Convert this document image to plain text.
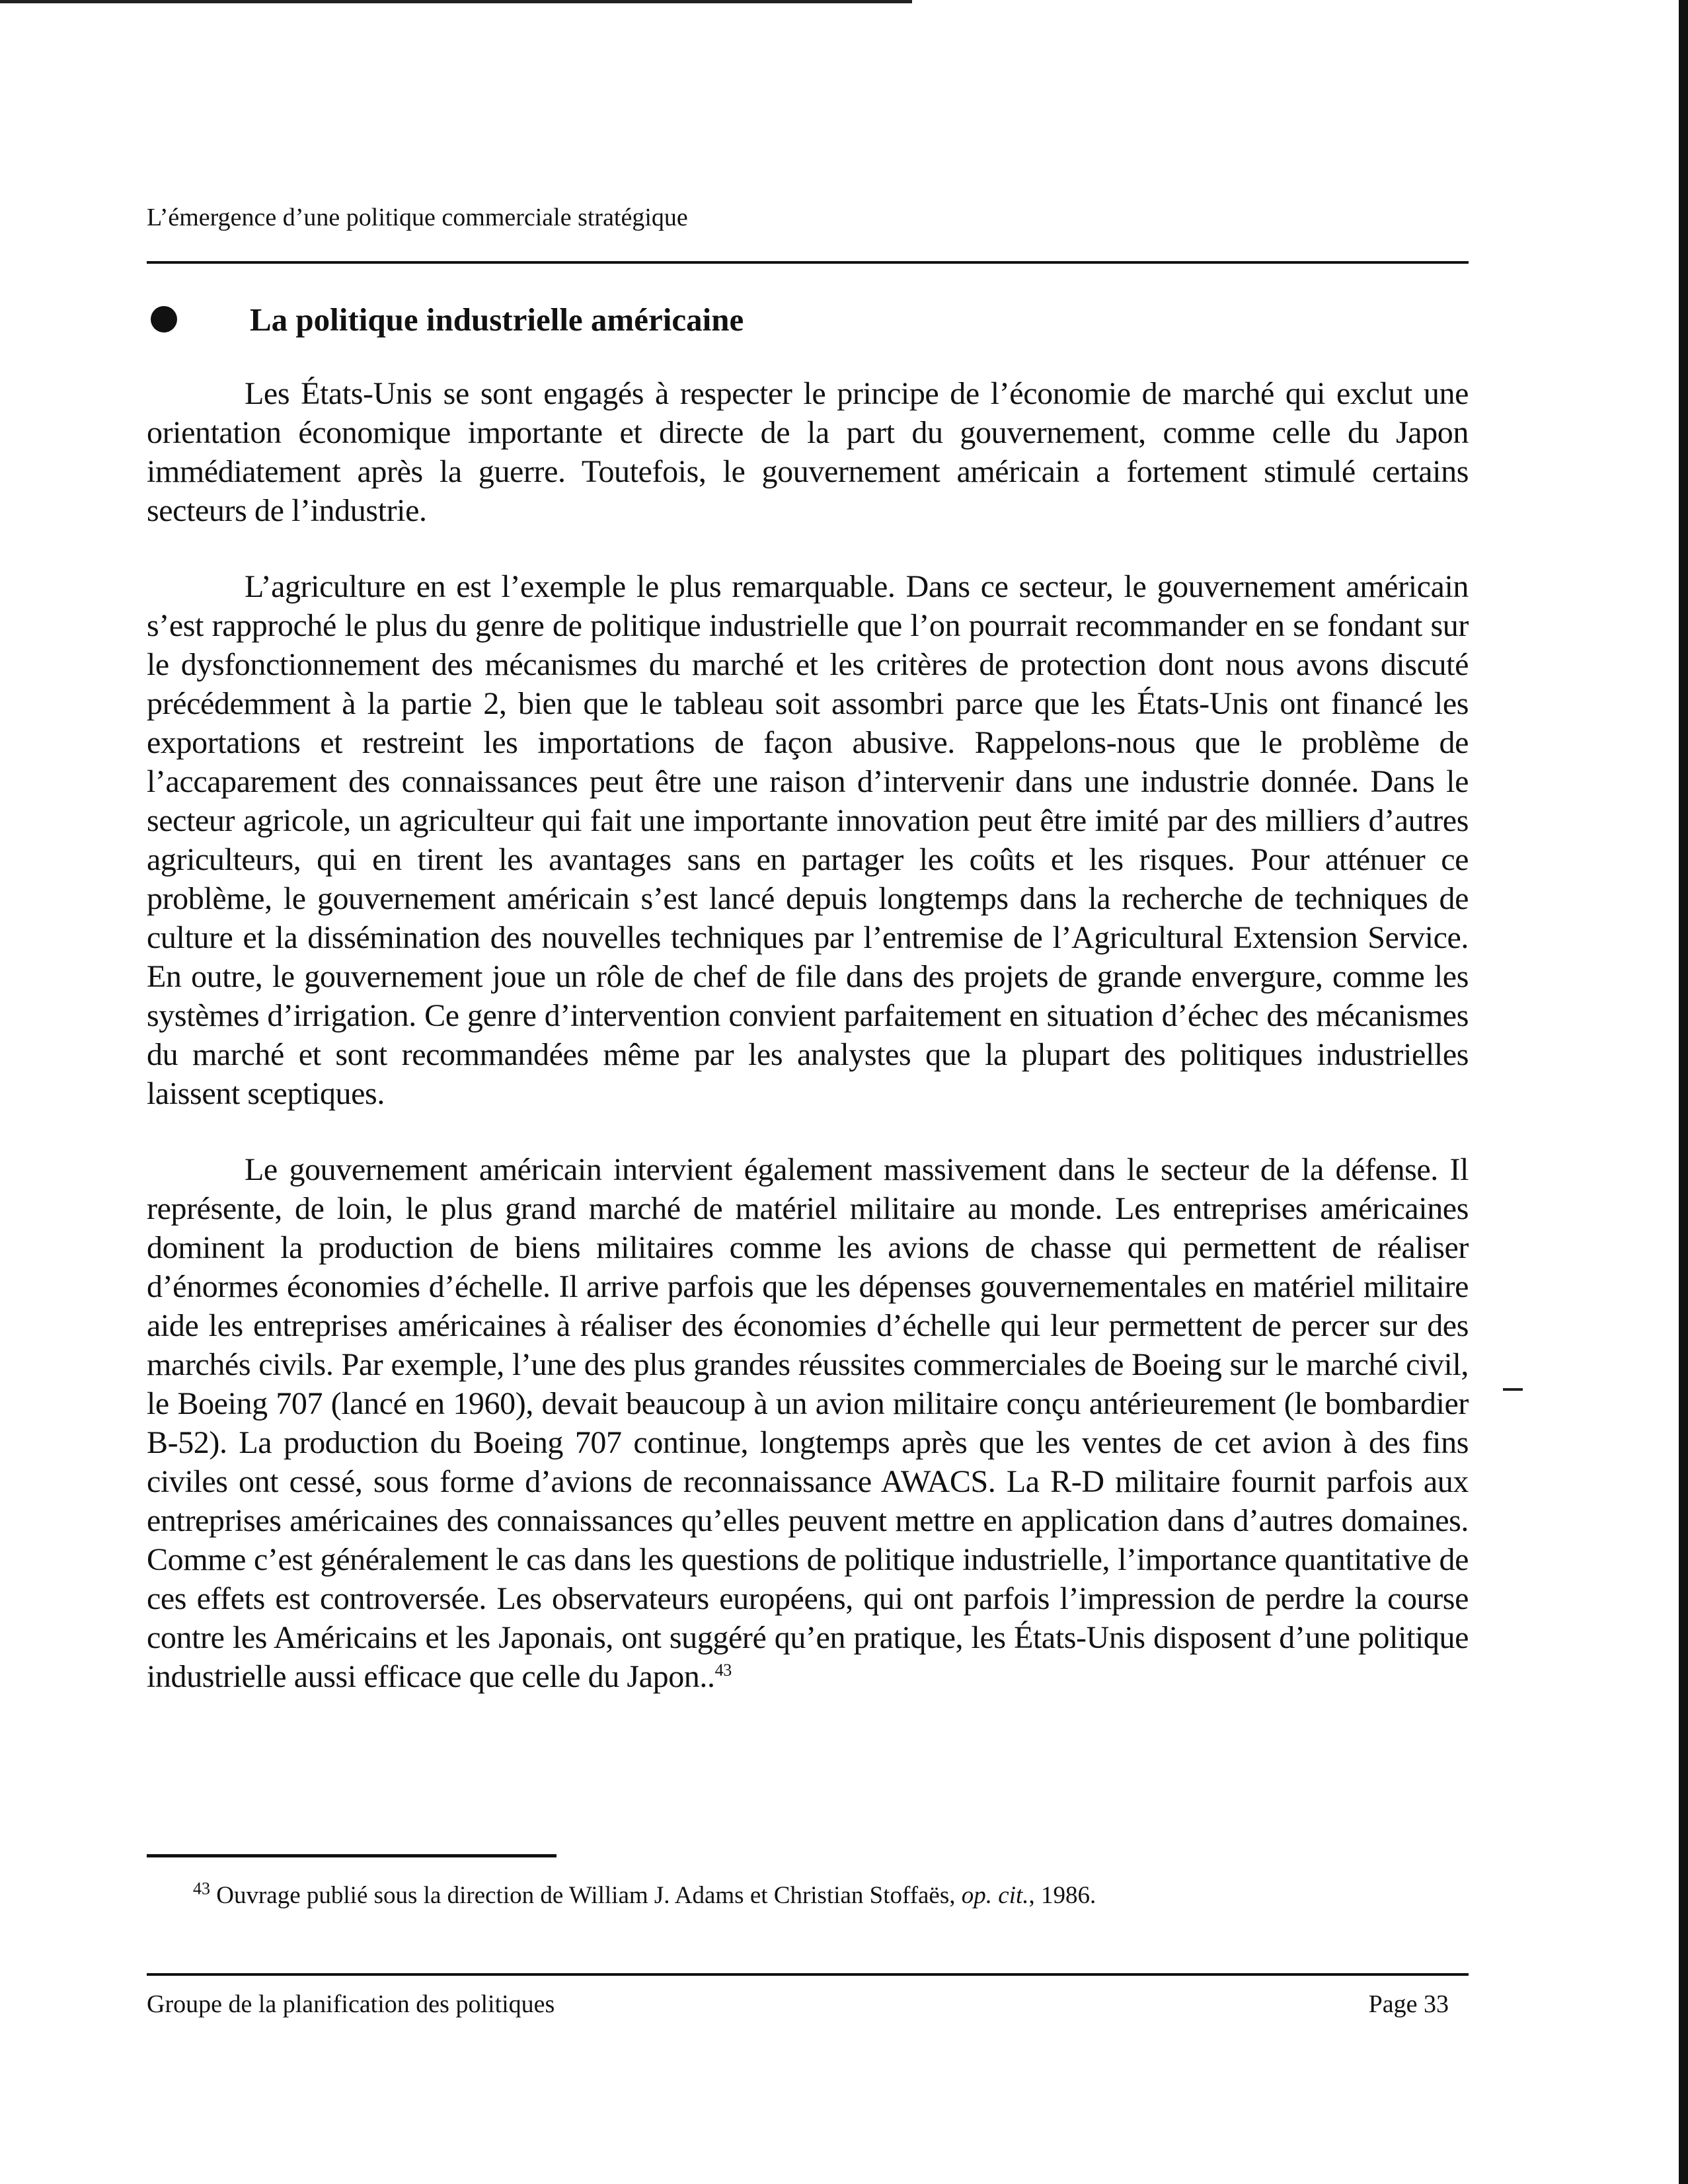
L’émergence d’une politique commerciale stratégique
La politique industrielle américaine

Les États-Unis se sont engagés à respecter le principe de l’économie de marché qui exclut une orientation économique importante et directe de la part du gouvernement, comme celle du Japon immédiatement après la guerre. Toutefois, le gouvernement américain a fortement stimulé certains secteurs de l’industrie.

L’agriculture en est l’exemple le plus remarquable. Dans ce secteur, le gouvernement américain s’est rapproché le plus du genre de politique industrielle que l’on pourrait recommander en se fondant sur le dysfonctionnement des mécanismes du marché et les critères de protection dont nous avons discuté précédemment à la partie 2, bien que le tableau soit assombri parce que les États-Unis ont financé les exportations et restreint les importations de façon abusive. Rappelons-nous que le problème de l’accaparement des connaissances peut être une raison d’intervenir dans une industrie donnée. Dans le secteur agricole, un agriculteur qui fait une importante innovation peut être imité par des milliers d’autres agriculteurs, qui en tirent les avantages sans en partager les coûts et les risques. Pour atténuer ce problème, le gouvernement américain s’est lancé depuis longtemps dans la recherche de techniques de culture et la dissémination des nouvelles techniques par l’entremise de l’Agricultural Extension Service. En outre, le gouvernement joue un rôle de chef de file dans des projets de grande envergure, comme les systèmes d’irrigation. Ce genre d’intervention convient parfaitement en situation d’échec des mécanismes du marché et sont recommandées même par les analystes que la plupart des politiques industrielles laissent sceptiques.

Le gouvernement américain intervient également massivement dans le secteur de la défense. Il représente, de loin, le plus grand marché de matériel militaire au monde. Les entreprises américaines dominent la production de biens militaires comme les avions de chasse qui permettent de réaliser d’énormes économies d’échelle. Il arrive parfois que les dépenses gouvernementales en matériel militaire aide les entreprises américaines à réaliser des économies d’échelle qui leur permettent de percer sur des marchés civils. Par exemple, l’une des plus grandes réussites commerciales de Boeing sur le marché civil, le Boeing 707 (lancé en 1960), devait beaucoup à un avion militaire conçu antérieurement (le bombardier B-52). La production du Boeing 707 continue, longtemps après que les ventes de cet avion à des fins civiles ont cessé, sous forme d’avions de reconnaissance AWACS. La R-D militaire fournit parfois aux entreprises américaines des connaissances qu’elles peuvent mettre en application dans d’autres domaines. Comme c’est généralement le cas dans les questions de politique industrielle, l’importance quantitative de ces effets est controversée. Les observateurs européens, qui ont parfois l’impression de perdre la course contre les Américains et les Japonais, ont suggéré qu’en pratique, les États-Unis disposent d’une politique industrielle aussi efficace que celle du Japon..$^{43}$

$^{43}$ Ouvrage publié sous la direction de William J. Adams et Christian Stoffaës, op. cit., 1986.
Groupe de la planification des politiques	Page 33
